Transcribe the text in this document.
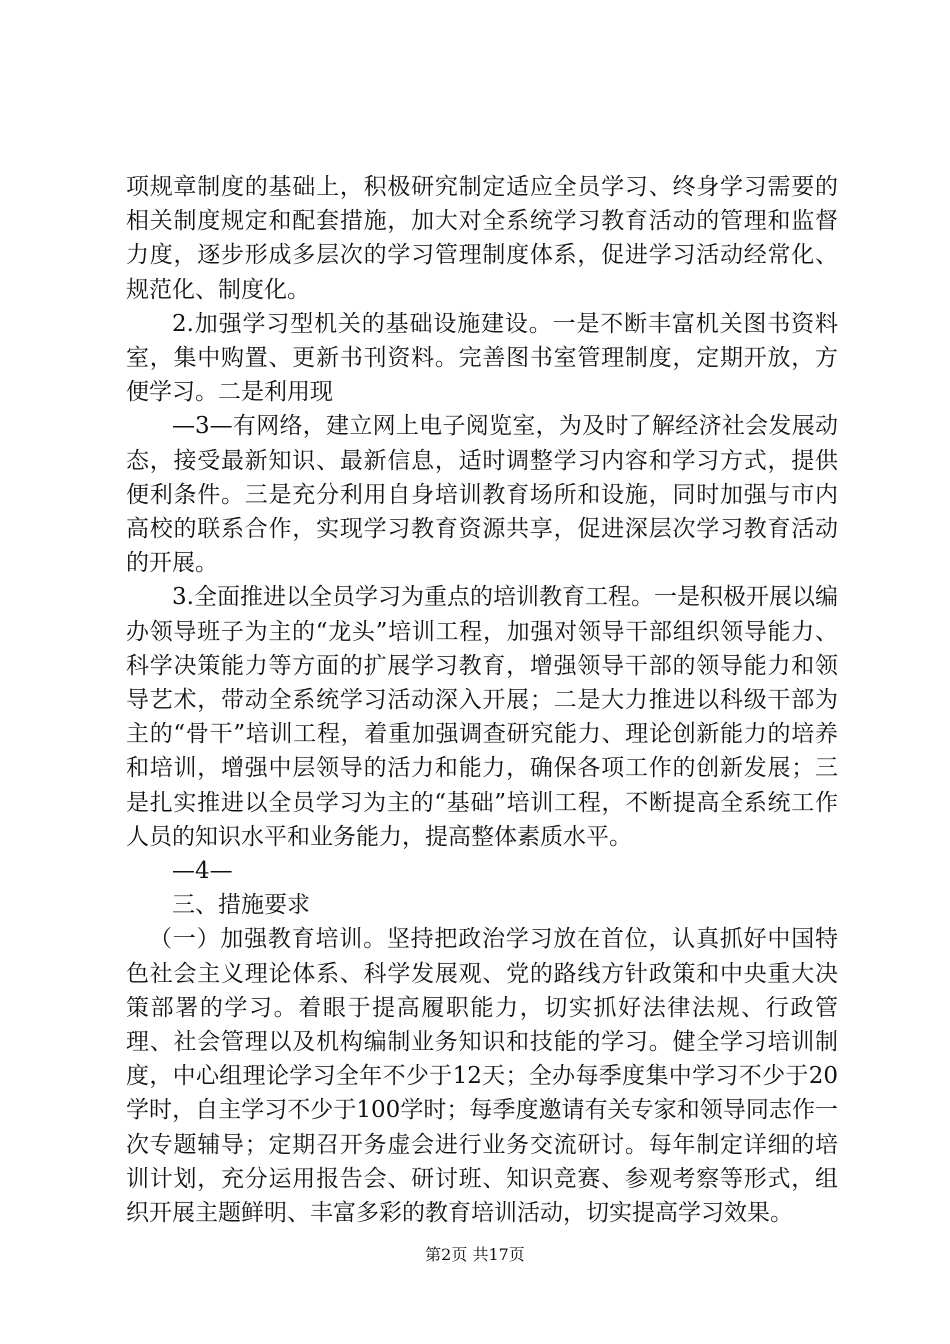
项规章制度的基础上，积极研究制定适应全员学习、终身学习需要的相关制度规定和配套措施，加大对全系统学习教育活动的管理和监督力度，逐步形成多层次的学习管理制度体系，促进学习活动经常化、规范化、制度化。

2.加强学习型机关的基础设施建设。一是不断丰富机关图书资料室，集中购置、更新书刊资料。完善图书室管理制度，定期开放，方便学习。二是利用现

—3—有网络，建立网上电子阅览室，为及时了解经济社会发展动态，接受最新知识、最新信息，适时调整学习内容和学习方式，提供便利条件。三是充分利用自身培训教育场所和设施，同时加强与市内高校的联系合作，实现学习教育资源共享，促进深层次学习教育活动的开展。

3.全面推进以全员学习为重点的培训教育工程。一是积极开展以编办领导班子为主的“龙头”培训工程，加强对领导干部组织领导能力、科学决策能力等方面的扩展学习教育，增强领导干部的领导能力和领导艺术，带动全系统学习活动深入开展；二是大力推进以科级干部为主的“骨干”培训工程，着重加强调查研究能力、理论创新能力的培养和培训，增强中层领导的活力和能力，确保各项工作的创新发展；三是扎实推进以全员学习为主的“基础”培训工程，不断提高全系统工作人员的知识水平和业务能力，提高整体素质水平。

—4—

三、措施要求

（一）加强教育培训。坚持把政治学习放在首位，认真抓好中国特色社会主义理论体系、科学发展观、党的路线方针政策和中央重大决策部署的学习。着眼于提高履职能力，切实抓好法律法规、行政管理、社会管理以及机构编制业务知识和技能的学习。健全学习培训制度，中心组理论学习全年不少于12天；全办每季度集中学习不少于20学时，自主学习不少于100学时；每季度邀请有关专家和领导同志作一次专题辅导；定期召开务虚会进行业务交流研讨。每年制定详细的培训计划，充分运用报告会、研讨班、知识竞赛、参观考察等形式，组织开展主题鲜明、丰富多彩的教育培训活动，切实提高学习效果。

第2页 共17页
